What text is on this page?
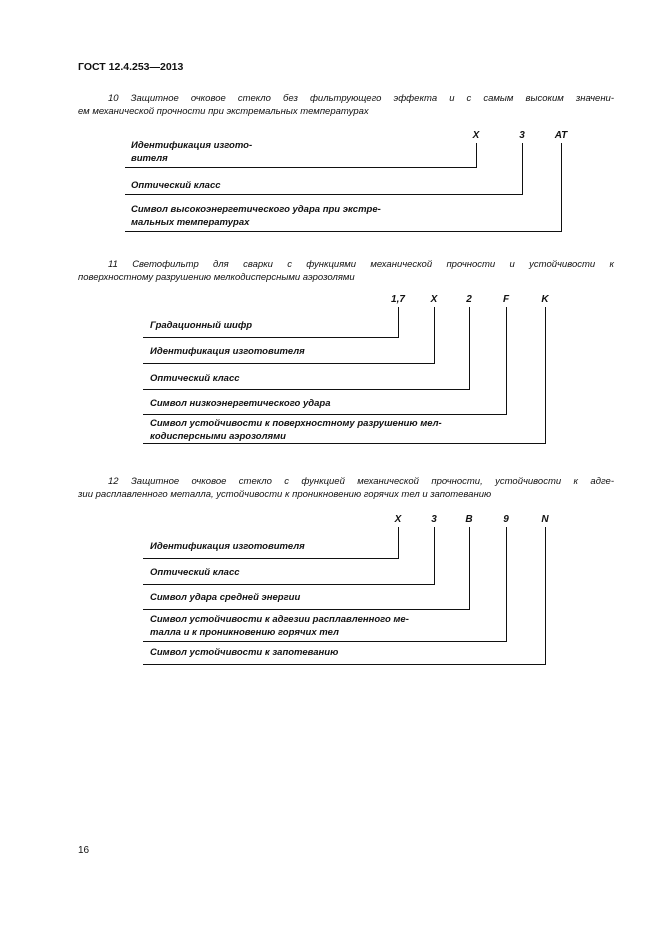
ГОСТ 12.4.253—2013
10 Защитное очковое стекло без фильтрующего эффекта и с самым высоким значени-
ем механической прочности при экстремальных температурах
X	3	AT
Идентификация изгото-
вителя
Оптический класс
Символ высокоэнергетического удара при экстре-
мальных температурах
11 Светофильтр для сварки с функциями механической прочности и устойчивости к
поверхностному разрушению мелкодисперсными аэрозолями
1,7	X	2	F	K
Градационный шифр
Идентификация изготовителя
Оптический класс
Символ низкоэнергетического удара
Символ устойчивости к поверхностному разрушению мел-
кодисперсными аэрозолями
12 Защитное очковое стекло с функцией механической прочности, устойчивости к адге-
зии расплавленного металла, устойчивости к проникновению горячих тел и запотеванию
X	3	B	9	N
Идентификация изготовителя
Оптический класс
Символ удара средней энергии
Символ устойчивости к адгезии расплавленного ме-
талла и к проникновению горячих тел
Символ устойчивости к запотеванию
16
